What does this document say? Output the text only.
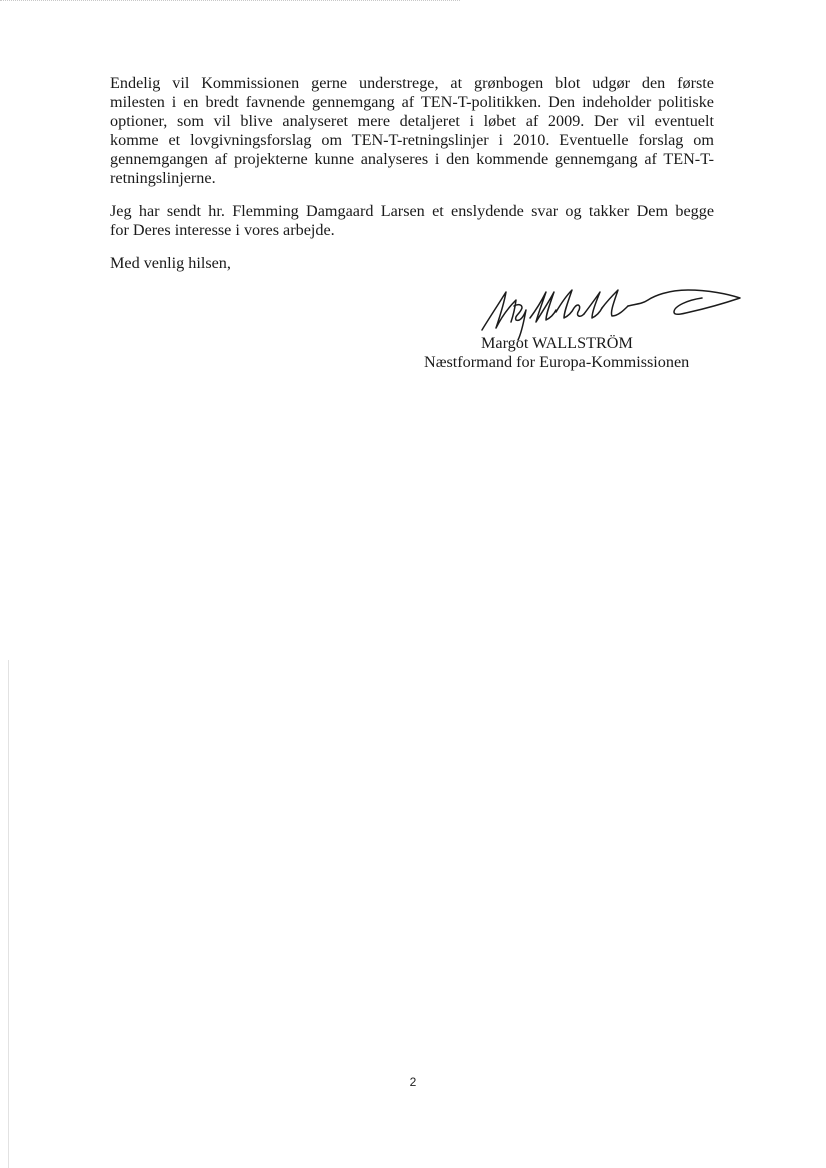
Endelig vil Kommissionen gerne understrege, at grønbogen blot udgør den første
milesten i en bredt favnende gennemgang af TEN-T-politikken. Den indeholder politiske
optioner, som vil blive analyseret mere detaljeret i løbet af 2009. Der vil eventuelt
komme et lovgivningsforslag om TEN-T-retningslinjer i 2010. Eventuelle forslag om
gennemgangen af projekterne kunne analyseres i den kommende gennemgang af TEN-T-
retningslinjerne.

Jeg har sendt hr. Flemming Damgaard Larsen et enslydende svar og takker Dem begge
for Deres interesse i vores arbejde.

Med venlig hilsen,

Margot WALLSTRÖM
Næstformand for Europa-Kommissionen
2
